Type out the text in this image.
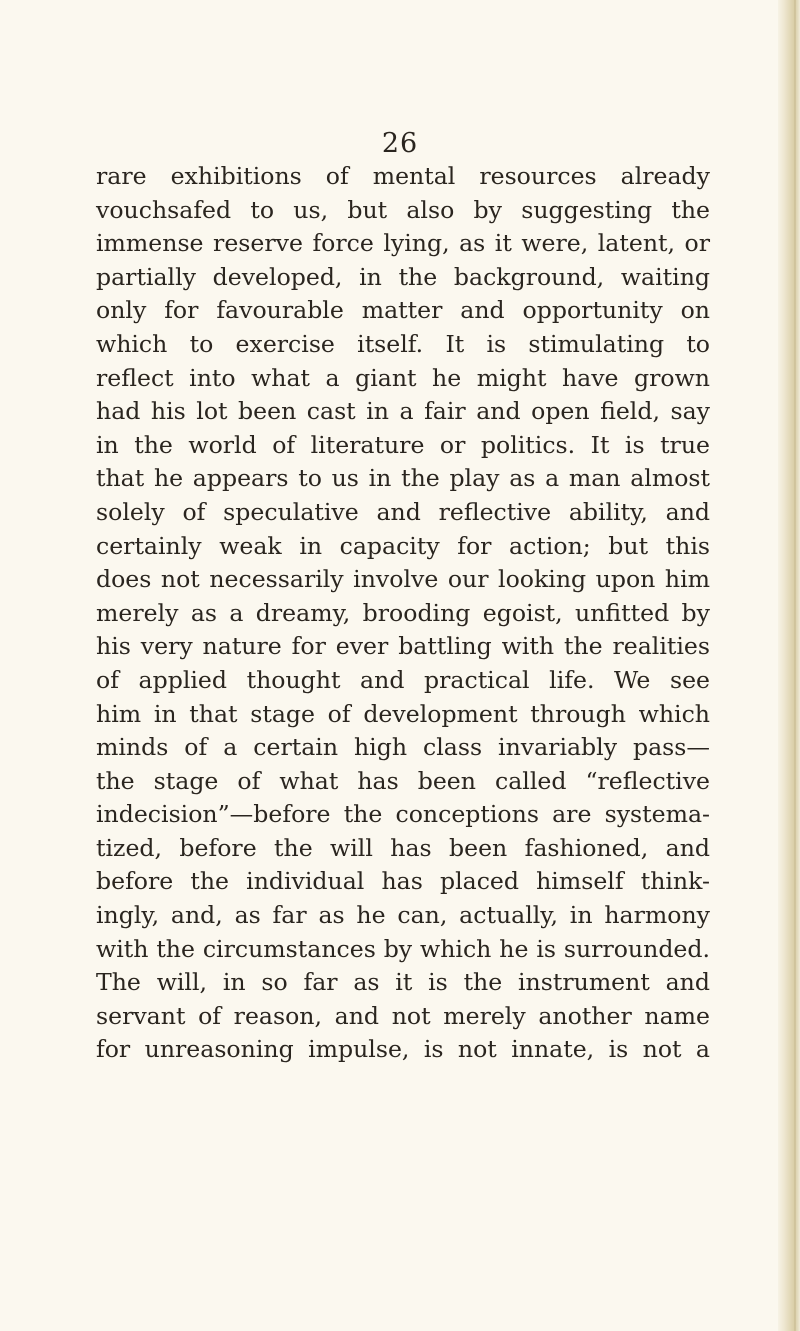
26
rare exhibitions of mental resources already
vouchsafed to us, but also by suggesting the
immense reserve force lying, as it were, latent, or
partially developed, in the background, waiting
only for favourable matter and opportunity on
which to exercise itself. It is stimulating to
reflect into what a giant he might have grown
had his lot been cast in a fair and open field, say
in the world of literature or politics. It is true
that he appears to us in the play as a man almost
solely of speculative and reflective ability, and
certainly weak in capacity for action; but this
does not necessarily involve our looking upon him
merely as a dreamy, brooding egoist, unfitted by
his very nature for ever battling with the realities
of applied thought and practical life. We see
him in that stage of development through which
minds of a certain high class invariably pass—
the stage of what has been called “reflective
indecision”—before the conceptions are systema-
tized, before the will has been fashioned, and
before the individual has placed himself think-
ingly, and, as far as he can, actually, in harmony
with the circumstances by which he is surrounded.
The will, in so far as it is the instrument and
servant of reason, and not merely another name
for unreasoning impulse, is not innate, is not a
